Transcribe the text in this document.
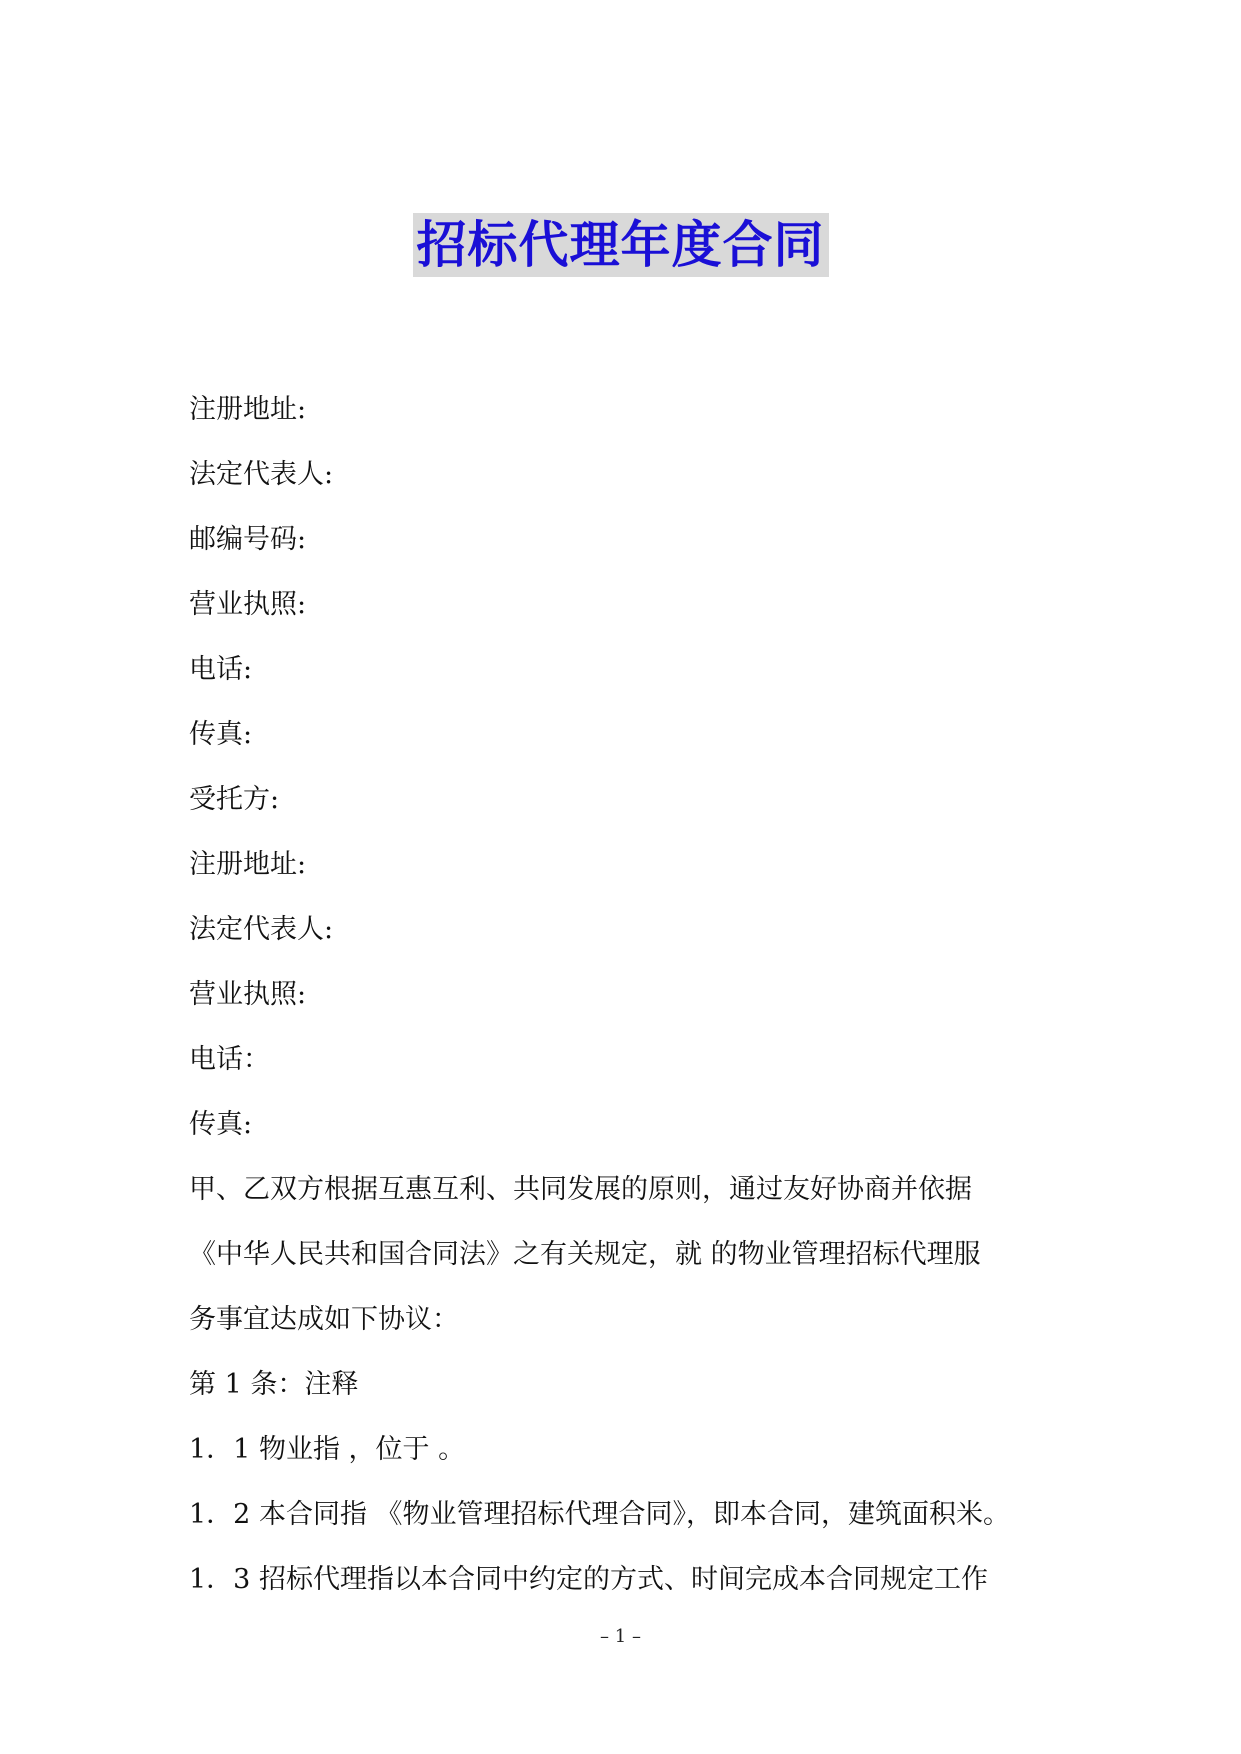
招标代理年度合同
注册地址:
法定代表人:
邮编号码:
营业执照:
电话:
传真:
受托方:
注册地址:
法定代表人:
营业执照:
电话：
传真:
甲、乙双方根据互惠互利、共同发展的原则，通过友好协商并依据
《中华人民共和国合同法》之有关规定，就 的物业管理招标代理服
务事宜达成如下协议：
第 1 条：注释
1．1 物业指 ，位于 。
1．2 本合同指 《物业管理招标代理合同》，即本合同，建筑面积米。
1．3 招标代理指以本合同中约定的方式、时间完成本合同规定工作
– 1 –
